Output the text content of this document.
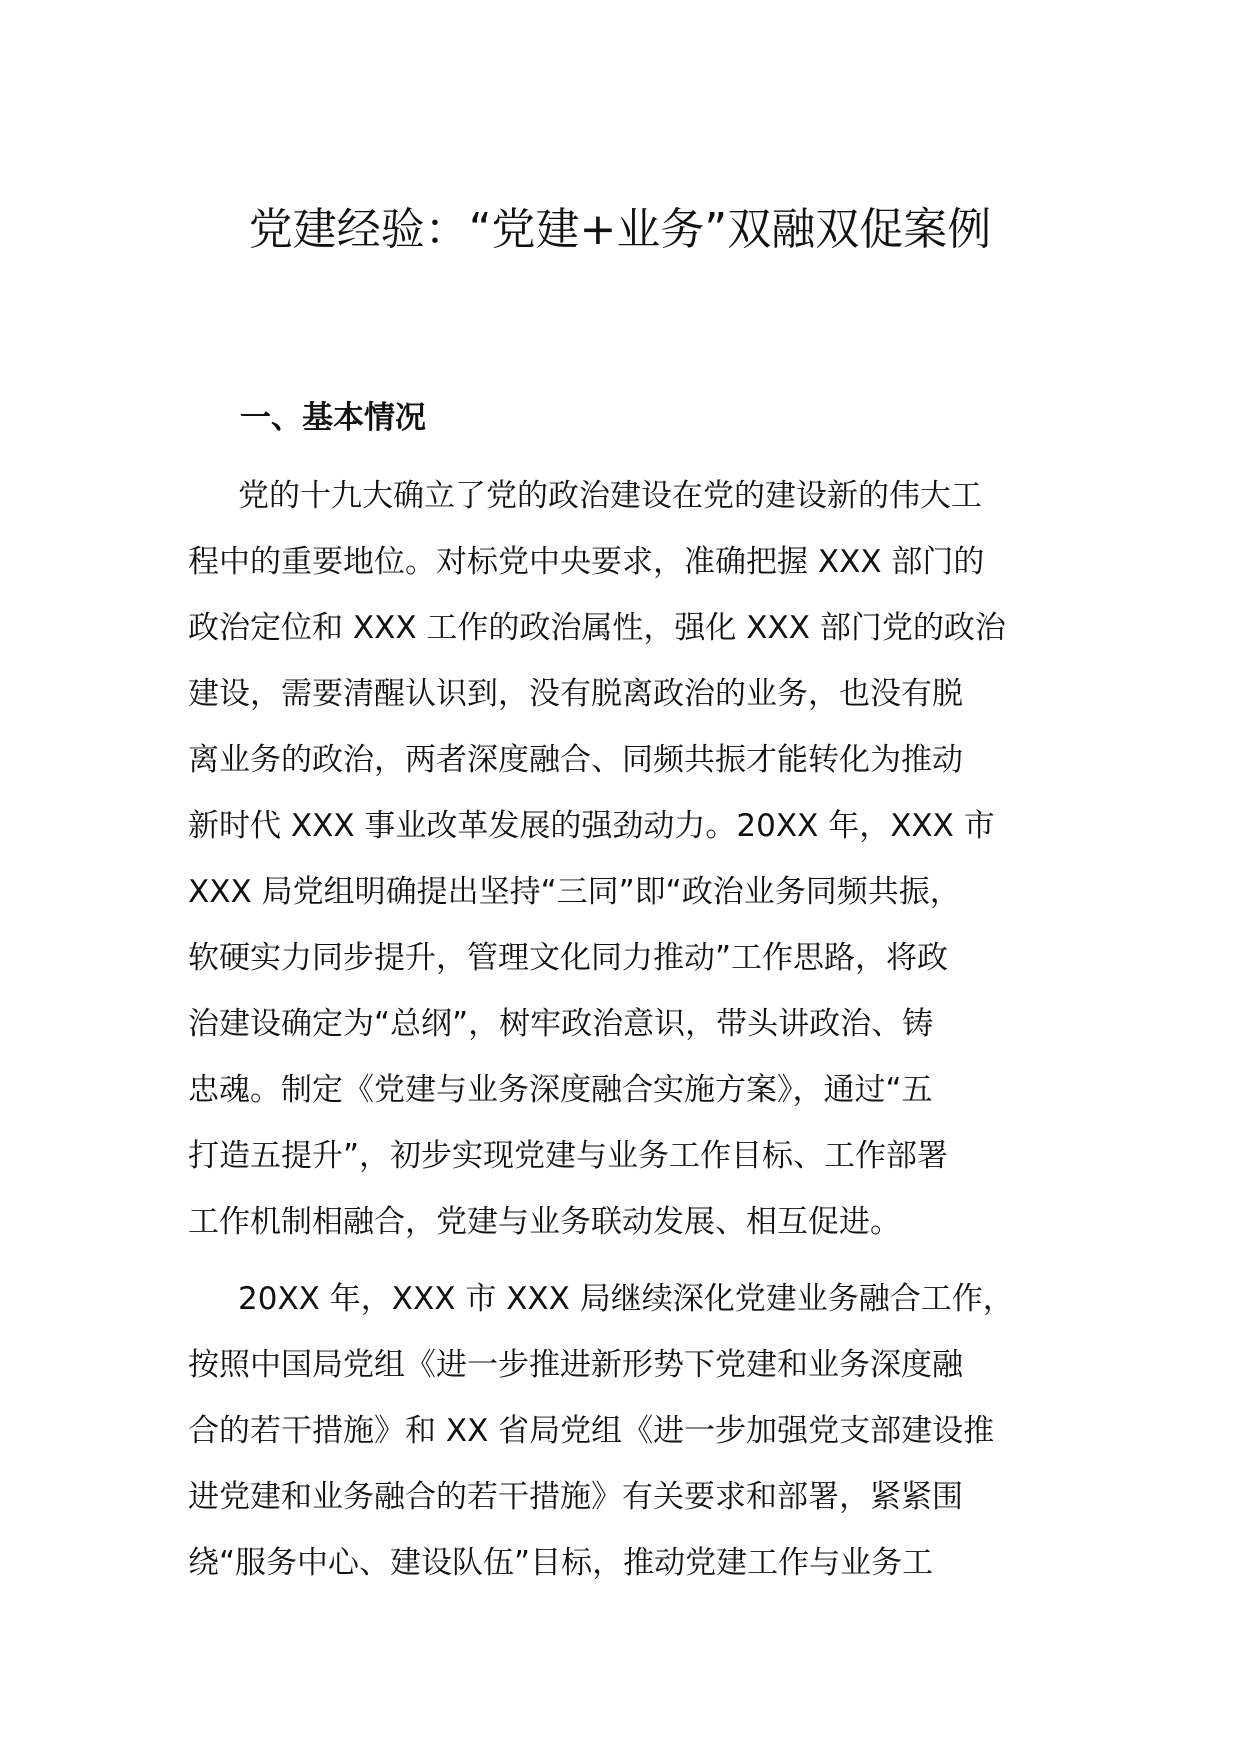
党建经验：“党建+业务”双融双促案例
一、基本情况
党的十九大确立了党的政治建设在党的建设新的伟大工
程中的重要地位。对标党中央要求，准确把握 XXX 部门的
政治定位和 XXX 工作的政治属性，强化 XXX 部门党的政治
建设，需要清醒认识到，没有脱离政治的业务，也没有脱
离业务的政治，两者深度融合、同频共振才能转化为推动
新时代 XXX 事业改革发展的强劲动力。20XX 年，XXX 市
XXX 局党组明确提出坚持“三同”即“政治业务同频共振，
软硬实力同步提升，管理文化同力推动”工作思路，将政
治建设确定为“总纲”，树牢政治意识，带头讲政治、铸
忠魂。制定《党建与业务深度融合实施方案》，通过“五
打造五提升”，初步实现党建与业务工作目标、工作部署
工作机制相融合，党建与业务联动发展、相互促进。
20XX 年，XXX 市 XXX 局继续深化党建业务融合工作，
按照中国局党组《进一步推进新形势下党建和业务深度融
合的若干措施》和 XX 省局党组《进一步加强党支部建设推
进党建和业务融合的若干措施》有关要求和部署，紧紧围
绕“服务中心、建设队伍”目标，推动党建工作与业务工
